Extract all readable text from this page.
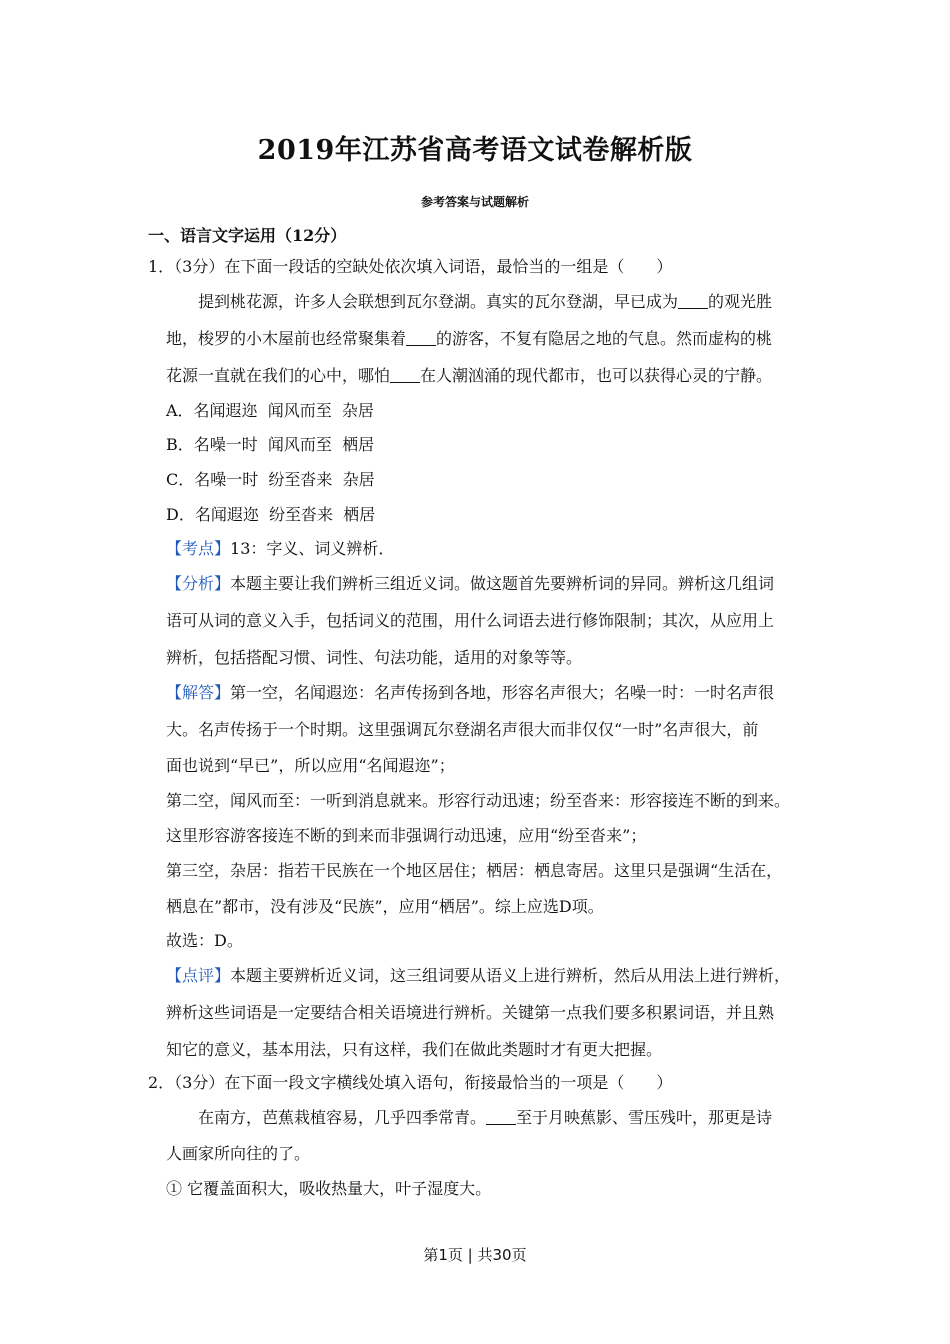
2019年江苏省高考语文试卷解析版
参考答案与试题解析
一、语言文字运用（12分）
1．（3分）在下面一段话的空缺处依次填入词语，最恰当的一组是（　　）
提到桃花源，许多人会联想到瓦尔登湖。真实的瓦尔登湖，早已成为 的观光胜
地，梭罗的小木屋前也经常聚集着 的游客，不复有隐居之地的气息。然而虚构的桃
花源一直就在我们的心中，哪怕 在人潮汹涌的现代都市，也可以获得心灵的宁静。
A．名闻遐迩  闻风而至  杂居
B．名噪一时  闻风而至  栖居
C．名噪一时  纷至沓来  杂居
D．名闻遐迩  纷至沓来  栖居
【考点】13：字义、词义辨析．
【分析】本题主要让我们辨析三组近义词。做这题首先要辨析词的异同。辨析这几组词
语可从词的意义入手，包括词义的范围，用什么词语去进行修饰限制；其次，从应用上
辨析，包括搭配习惯、词性、句法功能，适用的对象等等。
【解答】第一空，名闻遐迩：名声传扬到各地，形容名声很大；名噪一时：一时名声很
大。名声传扬于一个时期。这里强调瓦尔登湖名声很大而非仅仅“一时”名声很大，前
面也说到“早已”，所以应用“名闻遐迩”；
第二空，闻风而至：一听到消息就来。形容行动迅速；纷至沓来：形容接连不断的到来。
这里形容游客接连不断的到来而非强调行动迅速，应用“纷至沓来”；
第三空，杂居：指若干民族在一个地区居住；栖居：栖息寄居。这里只是强调“生活在，
栖息在”都市，没有涉及“民族”，应用“栖居”。综上应选D项。
故选：D。
【点评】本题主要辨析近义词，这三组词要从语义上进行辨析，然后从用法上进行辨析，
辨析这些词语是一定要结合相关语境进行辨析。关键第一点我们要多积累词语，并且熟
知它的意义，基本用法，只有这样，我们在做此类题时才有更大把握。
2．（3分）在下面一段文字横线处填入语句，衔接最恰当的一项是（　　）
在南方，芭蕉栽植容易，几乎四季常青。 至于月映蕉影、雪压残叶，那更是诗
人画家所向往的了。
① 它覆盖面积大，吸收热量大，叶子湿度大。
第1页 | 共30页
